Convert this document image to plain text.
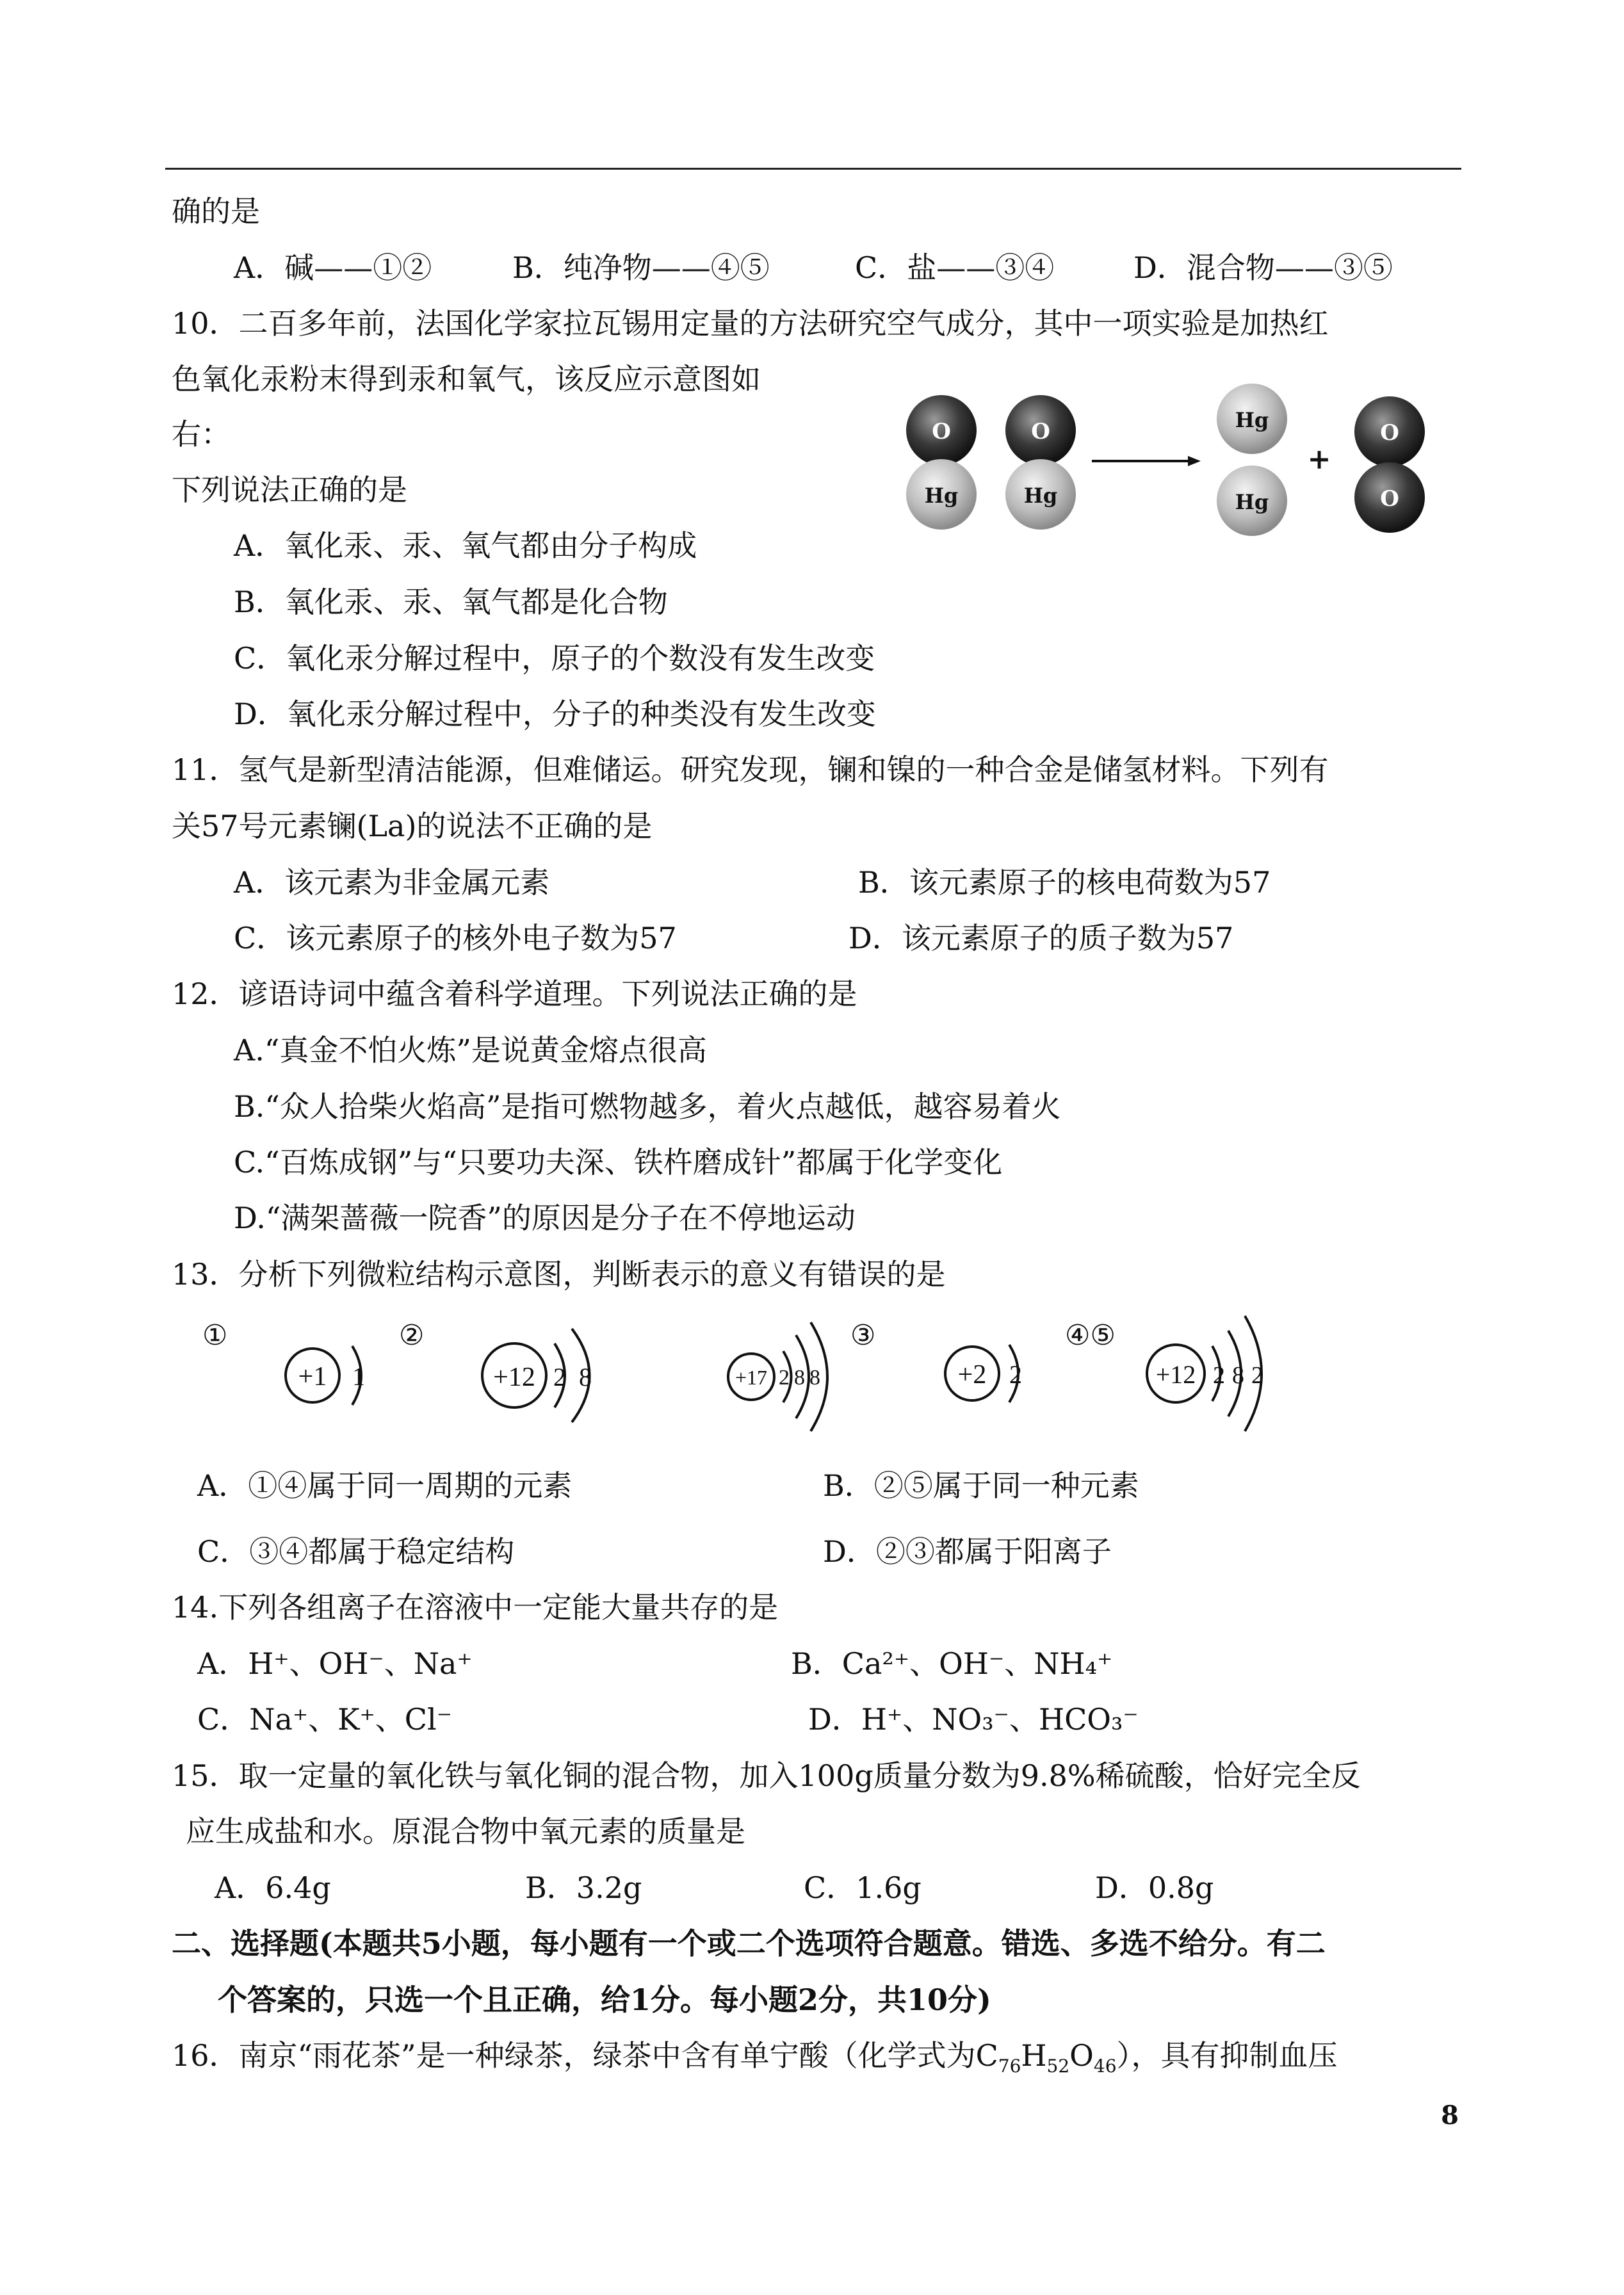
确的是
A．碱——①②	B．纯净物——④⑤	C．盐——③④	D．混合物——③⑤
10．二百多年前，法国化学家拉瓦锡用定量的方法研究空气成分，其中一项实验是加热红
色氧化汞粉末得到汞和氧气，该反应示意图如
右：
下列说法正确的是
O
Hg
O
Hg
Hg
Hg
+
O
O
A．氧化汞、汞、氧气都由分子构成
B．氧化汞、汞、氧气都是化合物
C．氧化汞分解过程中，原子的个数没有发生改变
D．氧化汞分解过程中，分子的种类没有发生改变
11．氢气是新型清洁能源，但难储运。研究发现，镧和镍的一种合金是储氢材料。下列有
关57号元素镧(La)的说法不正确的是
A．该元素为非金属元素	B．该元素原子的核电荷数为57
C．该元素原子的核外电子数为57	D．该元素原子的质子数为57
12．谚语诗词中蕴含着科学道理。下列说法正确的是
A.“真金不怕火炼”是说黄金熔点很高
B.“众人拾柴火焰高”是指可燃物越多，着火点越低，越容易着火
C.“百炼成钢”与“只要功夫深、铁杵磨成针”都属于化学变化
D.“满架蔷薇一院香”的原因是分子在不停地运动
13．分析下列微粒结构示意图，判断表示的意义有错误的是
①	②	③	④⑤
+1 1	+12 2 8	+17 2 8 8	+2 2	+12 2 8 2
A．①④属于同一周期的元素	B．②⑤属于同一种元素
C．③④都属于稳定结构	D．②③都属于阳离子
14.下列各组离子在溶液中一定能大量共存的是
A．H⁺、OH⁻、Na⁺	B．Ca²⁺、OH⁻、NH₄⁺
C．Na⁺、K⁺、Cl⁻	D．H⁺、NO₃⁻、HCO₃⁻
15．取一定量的氧化铁与氧化铜的混合物，加入100g质量分数为9.8%稀硫酸，恰好完全反
应生成盐和水。原混合物中氧元素的质量是
A．6.4g	B．3.2g	C．1.6g	D．0.8g
二、选择题(本题共5小题，每小题有一个或二个选项符合题意。错选、多选不给分。有二
个答案的，只选一个且正确，给1分。每小题2分，共10分)
16．南京“雨花茶”是一种绿茶，绿茶中含有单宁酸（化学式为$C_{76}H_{52}O_{46}$），具有抑制血压
8
